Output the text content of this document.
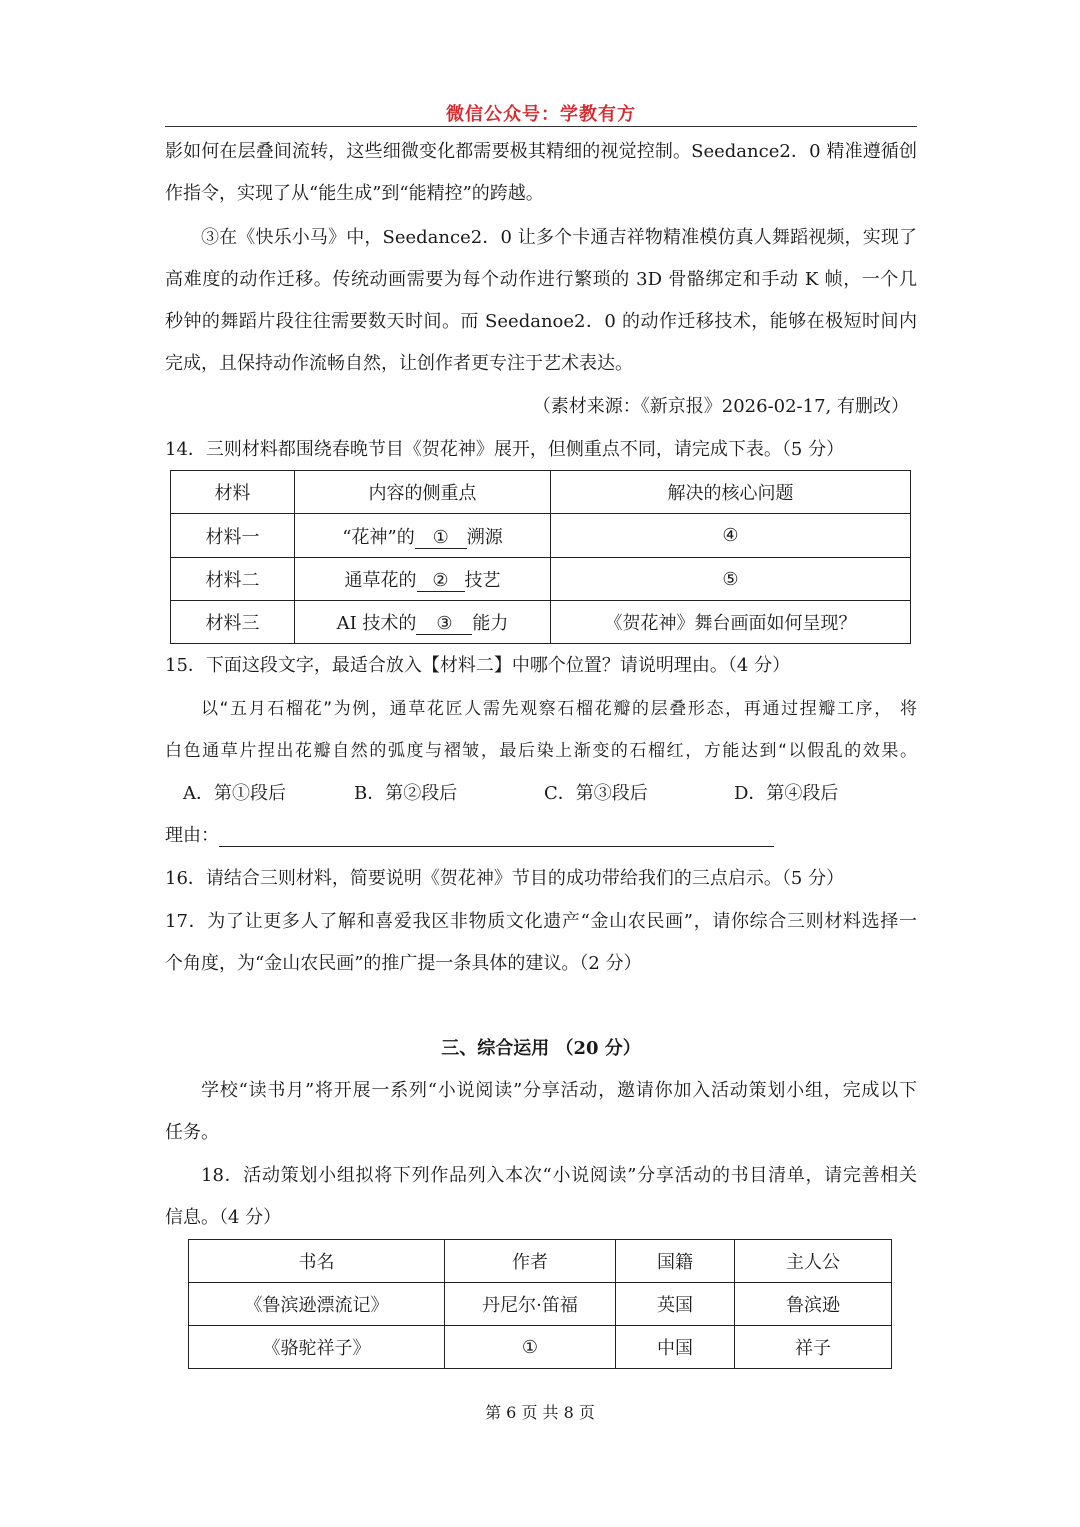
微信公众号：学教有方
影如何在层叠间流转，这些细微变化都需要极其精细的视觉控制。Seedance2．0 精准遵循创
作指令，实现了从“能生成”到“能精控”的跨越。
③在《快乐小马》中，Seedance2．0 让多个卡通吉祥物精准模仿真人舞蹈视频，实现了
高难度的动作迁移。传统动画需要为每个动作进行繁琐的 3D 骨骼绑定和手动 K 帧，一个几
秒钟的舞蹈片段往往需要数天时间。而 Seedanoe2．0 的动作迁移技术，能够在极短时间内
完成，且保持动作流畅自然，让创作者更专注于艺术表达。
（素材来源：《新京报》2026-02-17, 有删改）
14．三则材料都围绕春晚节目《贺花神》展开，但侧重点不同，请完成下表。（5 分）
材料	内容的侧重点	解决的核心问题
材料一	“花神”的 ① 溯源	④
材料二	通草花的 ② 技艺	⑤
材料三	AI 技术的 ③ 能力	《贺花神》舞台画面如何呈现？
15．下面这段文字，最适合放入【材料二】中哪个位置？请说明理由。（4 分）
以“五月石榴花”为例，通草花匠人需先观察石榴花瓣的层叠形态，再通过捏瓣工序， 将
白色通草片捏出花瓣自然的弧度与褶皱，最后染上渐变的石榴红，方能达到“以假乱的效果。
A．第①段后	B．第②段后	C．第③段后	D．第④段后
理由：
16．请结合三则材料，简要说明《贺花神》节目的成功带给我们的三点启示。（5 分）
17．为了让更多人了解和喜爱我区非物质文化遗产“金山农民画”，请你综合三则材料选择一
个角度，为“金山农民画”的推广提一条具体的建议。（2 分）
三、综合运用 （20 分）
学校“读书月”将开展一系列“小说阅读”分享活动，邀请你加入活动策划小组，完成以下
任务。
18．活动策划小组拟将下列作品列入本次“小说阅读”分享活动的书目清单，请完善相关
信息。（4 分）
书名	作者	国籍	主人公
《鲁滨逊漂流记》	丹尼尔·笛福	英国	鲁滨逊
《骆驼祥子》	①	中国	祥子
第 6 页 共 8 页
